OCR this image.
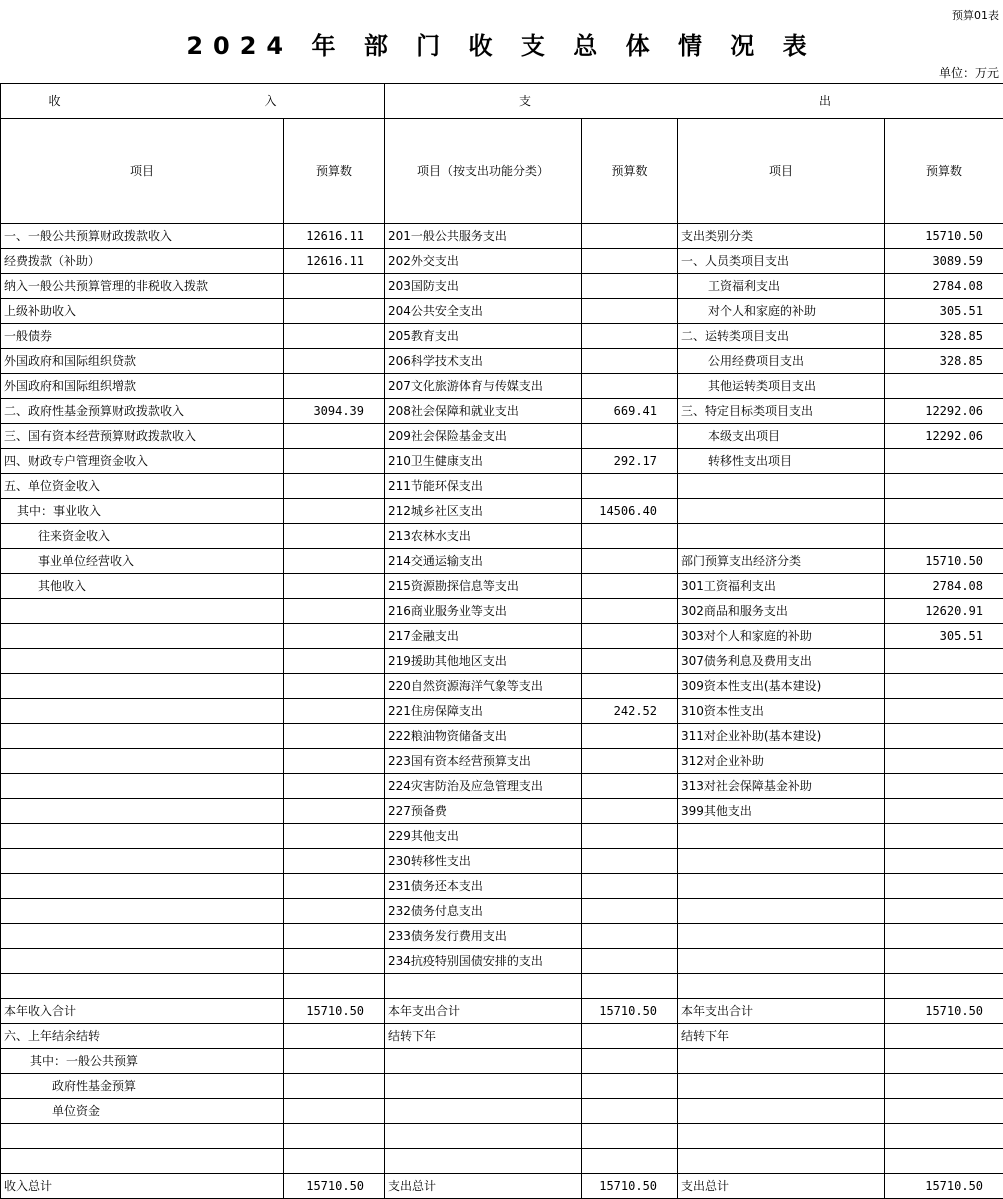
预算01表
2024 年 部 门 收 支 总 体 情 况 表
单位：万元
收　　入		支 出			
项目	预算数	项目（按支出功能分类）	预算数	项目	预算数
一、一般公共预算财政拨款收入	12616.11	201一般公共服务支出		支出类别分类	15710.50
经费拨款（补助）	12616.11	202外交支出		一、人员类项目支出	3089.59
纳入一般公共预算管理的非税收入拨款		203国防支出		工资福利支出	2784.08
上级补助收入		204公共安全支出		对个人和家庭的补助	305.51
一般债券		205教育支出		二、运转类项目支出	328.85
外国政府和国际组织贷款		206科学技术支出		公用经费项目支出	328.85
外国政府和国际组织增款		207文化旅游体育与传媒支出		其他运转类项目支出	
二、政府性基金预算财政拨款收入	3094.39	208社会保障和就业支出	669.41	三、特定目标类项目支出	12292.06
三、国有资本经营预算财政拨款收入		209社会保险基金支出		本级支出项目	12292.06
四、财政专户管理资金收入		210卫生健康支出	292.17	转移性支出项目	
五、单位资金收入		211节能环保支出			
其中：事业收入		212城乡社区支出	14506.40		
往来资金收入		213农林水支出			
事业单位经营收入		214交通运输支出		部门预算支出经济分类	15710.50
其他收入		215资源勘探信息等支出		301工资福利支出	2784.08
		216商业服务业等支出		302商品和服务支出	12620.91
		217金融支出		303对个人和家庭的补助	305.51
		219援助其他地区支出		307债务利息及费用支出	
		220自然资源海洋气象等支出		309资本性支出(基本建设)	
		221住房保障支出	242.52	310资本性支出	
		222粮油物资储备支出		311对企业补助(基本建设)	
		223国有资本经营预算支出		312对企业补助	
		224灾害防治及应急管理支出		313对社会保障基金补助	
		227预备费		399其他支出	
		229其他支出			
		230转移性支出			
		231债务还本支出			
		232债务付息支出			
		233债务发行费用支出			
		234抗疫特别国债安排的支出			

本年收入合计	15710.50	本年支出合计	15710.50	本年支出合计	15710.50
六、上年结余结转		结转下年		结转下年	
其中：一般公共预算					
政府性基金预算					
单位资金					

收入总计	15710.50	支出总计	15710.50	支出总计	15710.50
